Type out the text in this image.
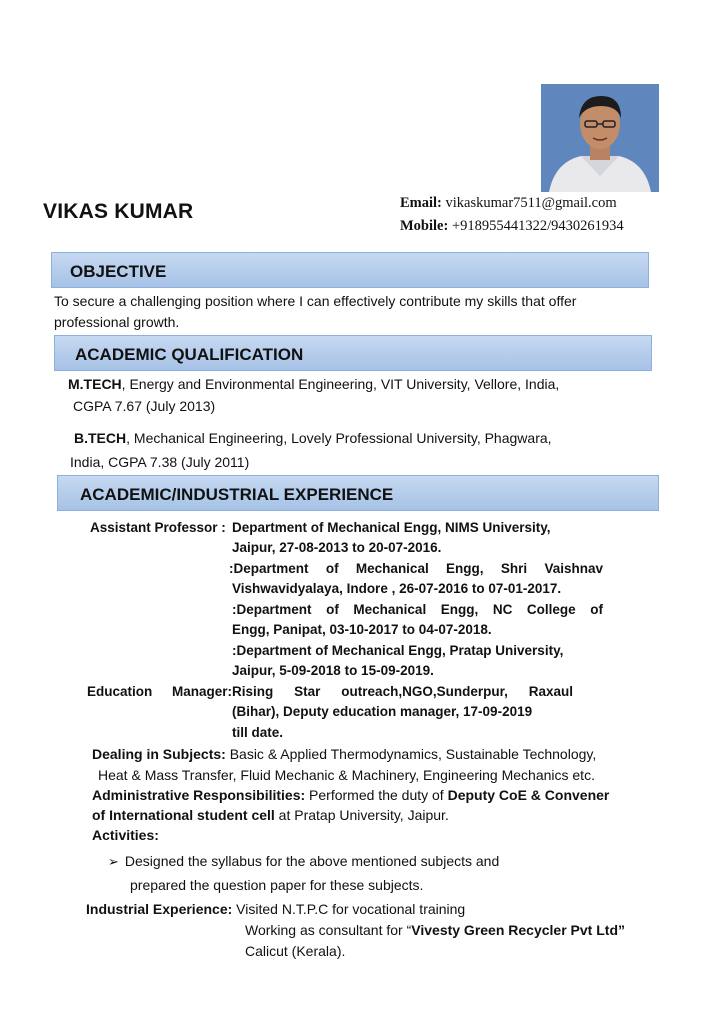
VIKAS KUMAR	Email: vikaskumar7511@gmail.com
Mobile: +918955441322/9430261934
OBJECTIVE
To secure a challenging position where I can effectively contribute my skills that offer
professional growth.
ACADEMIC QUALIFICATION
M.TECH, Energy and Environmental Engineering, VIT University, Vellore, India,
CGPA 7.67 (July 2013)
B.TECH, Mechanical Engineering, Lovely Professional University, Phagwara,
India, CGPA 7.38 (July 2011)
ACADEMIC/INDUSTRIAL EXPERIENCE
Assistant Professor : Department of Mechanical Engg, NIMS University,
Jaipur, 27-08-2013 to 20-07-2016.
:Department of Mechanical Engg, Shri Vaishnav
Vishwavidyalaya, Indore , 26-07-2016 to 07-01-2017.
:Department of Mechanical Engg, NC College of
Engg, Panipat, 03-10-2017 to 04-07-2018.
:Department of Mechanical Engg, Pratap University,
Jaipur, 5-09-2018 to 15-09-2019.
Education Manager: Rising Star outreach,NGO,Sunderpur, Raxaul
(Bihar), Deputy education manager, 17-09-2019
till date.
Dealing in Subjects: Basic & Applied Thermodynamics, Sustainable Technology,
Heat & Mass Transfer, Fluid Mechanic & Machinery, Engineering Mechanics etc.
Administrative Responsibilities: Performed the duty of Deputy CoE & Convener
of International student cell at Pratap University, Jaipur.
Activities:
➢ Designed the syllabus for the above mentioned subjects and
prepared the question paper for these subjects.
Industrial Experience: Visited N.T.P.C for vocational training
Working as consultant for “Vivesty Green Recycler Pvt Ltd”
Calicut (Kerala).
